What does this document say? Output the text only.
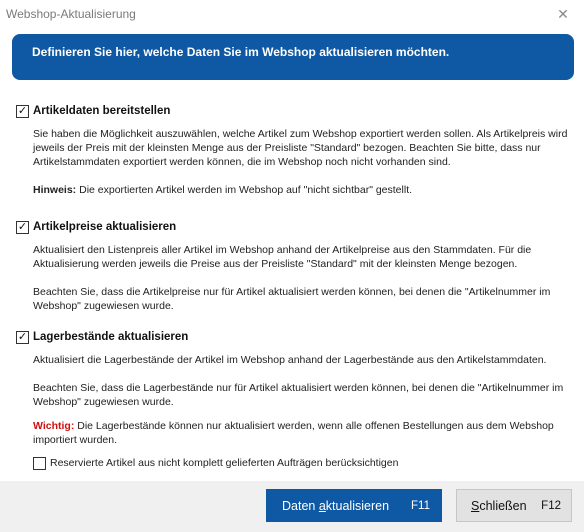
Webshop-Aktualisierung	✕
Definieren Sie hier, welche Daten Sie im Webshop aktualisieren möchten.
✓ Artikeldaten bereitstellen

Sie haben die Möglichkeit auszuwählen, welche Artikel zum Webshop exportiert werden sollen. Als Artikelpreis wird jeweils der Preis mit der kleinsten Menge aus der Preisliste "Standard" bezogen. Beachten Sie bitte, dass nur Artikelstammdaten exportiert werden können, die im Webshop noch nicht vorhanden sind.

Hinweis: Die exportierten Artikel werden im Webshop auf "nicht sichtbar" gestellt.

✓ Artikelpreise aktualisieren

Aktualisiert den Listenpreis aller Artikel im Webshop anhand der Artikelpreise aus den Stammdaten. Für die Aktualisierung werden jeweils die Preise aus der Preisliste "Standard" mit der kleinsten Menge bezogen.

Beachten Sie, dass die Artikelpreise nur für Artikel aktualisiert werden können, bei denen die "Artikelnummer im Webshop" zugewiesen wurde.

✓ Lagerbestände aktualisieren

Aktualisiert die Lagerbestände der Artikel im Webshop anhand der Lagerbestände aus den Artikelstammdaten.

Beachten Sie, dass die Lagerbestände nur für Artikel aktualisiert werden können, bei denen die "Artikelnummer im Webshop" zugewiesen wurde.

Wichtig: Die Lagerbestände können nur aktualisiert werden, wenn alle offenen Bestellungen aus dem Webshop importiert wurden.

Reservierte Artikel aus nicht komplett gelieferten Aufträgen berücksichtigen
Daten aktualisieren F11	Schließen F12
